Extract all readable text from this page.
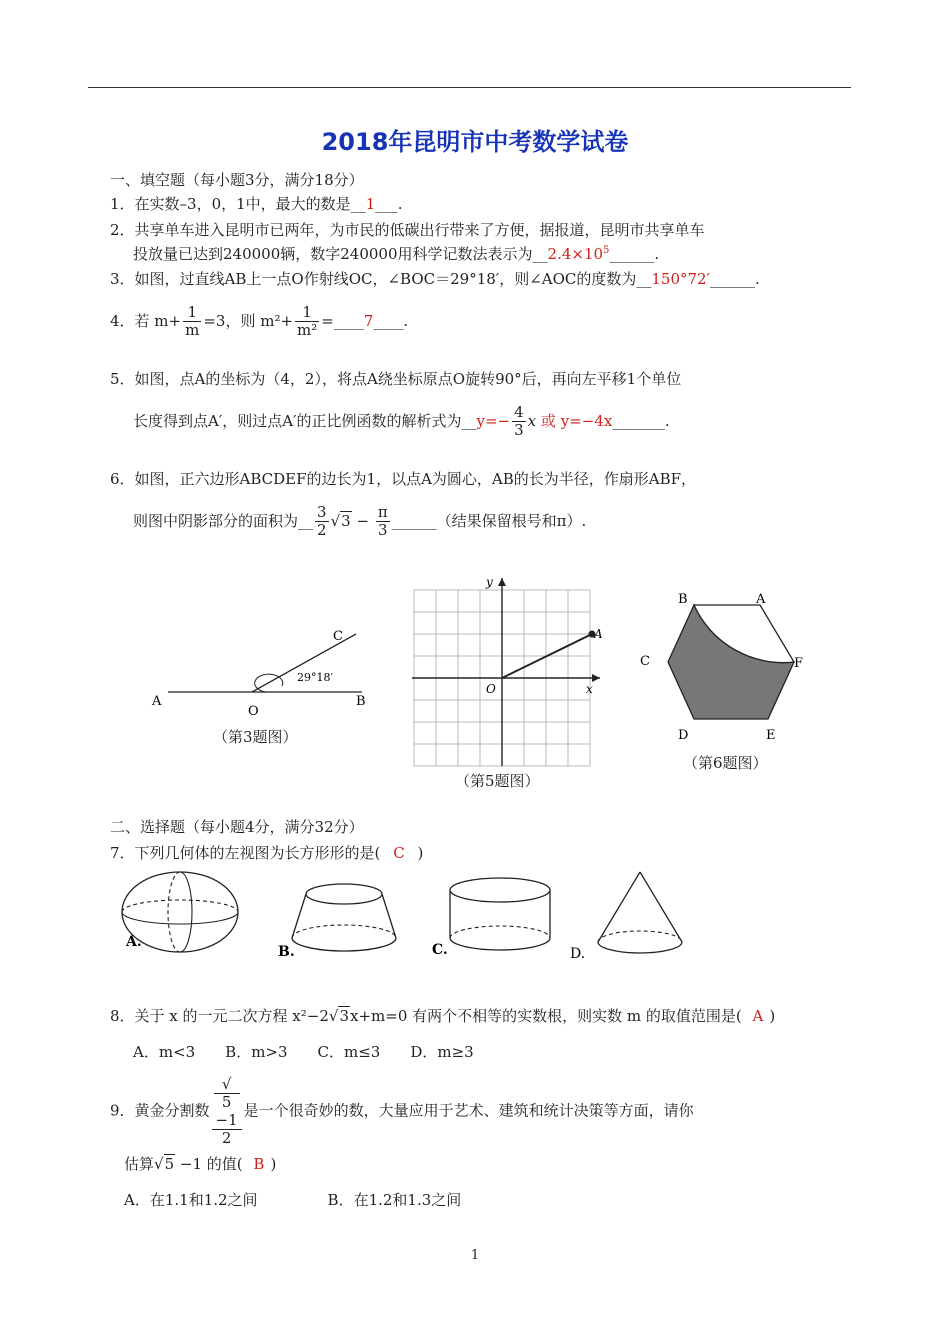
2018年昆明市中考数学试卷
一、填空题（每小题3分，满分18分）
1．在实数–3，0，1中，最大的数是__1___.
2．共享单车进入昆明市已两年，为市民的低碳出行带来了方便，据报道，昆明市共享单车
投放量已达到240000辆，数字240000用科学记数法表示为$\_\_2.4\times 10^5\_\_\_\_\_\_$.
3．如图，过直线AB上一点O作射线OC，∠BOC＝29°18′，则∠AOC的度数为__150°72′______.
4．若 $m+ \frac{1}{m} =3$，则 $m^2+ \frac{1}{\text{m²}}$ =____7____.
5．如图，点A的坐标为（4，2），将点A绕坐标原点O旋转90°后，再向左平移1个单位
长度得到点A′，则过点A′的正比例函数的解析式为__y=− $\frac{4}{3}$ x 或 y=−4x_______.
6．如图，正六边形ABCDEF的边长为1，以点A为圆心，AB的长为半径，作扇形ABF，
则图中阴影部分的面积为__ $\frac{3}{2} √3 - \frac{\pi}{3}$ ______（结果保留根号和π）.
A	B
C
O
29°18′
（第3题图）
A
O	x
y
（第5题图）
B	A
C	F
D	E
（第6题图）
二、选择题（每小题4分，满分32分）
7．下列几何体的左视图为长方形形的是( C )
A.
B.	C.	D.
8．关于 x 的一元二次方程 x²−2√3x+m=0 有两个不相等的实数根，则实数 m 的取值范围是( A )
A．m<3 B．m>3 C．m≤3 D．m≥3
9．黄金分割数 √
5
−1
2 是一个很奇妙的数，大量应用于艺术、建筑和统计决策等方面，请你
估算√5 −1 的值( B )
A．在1.1和1.2之间	B．在1.2和1.3之间
1
